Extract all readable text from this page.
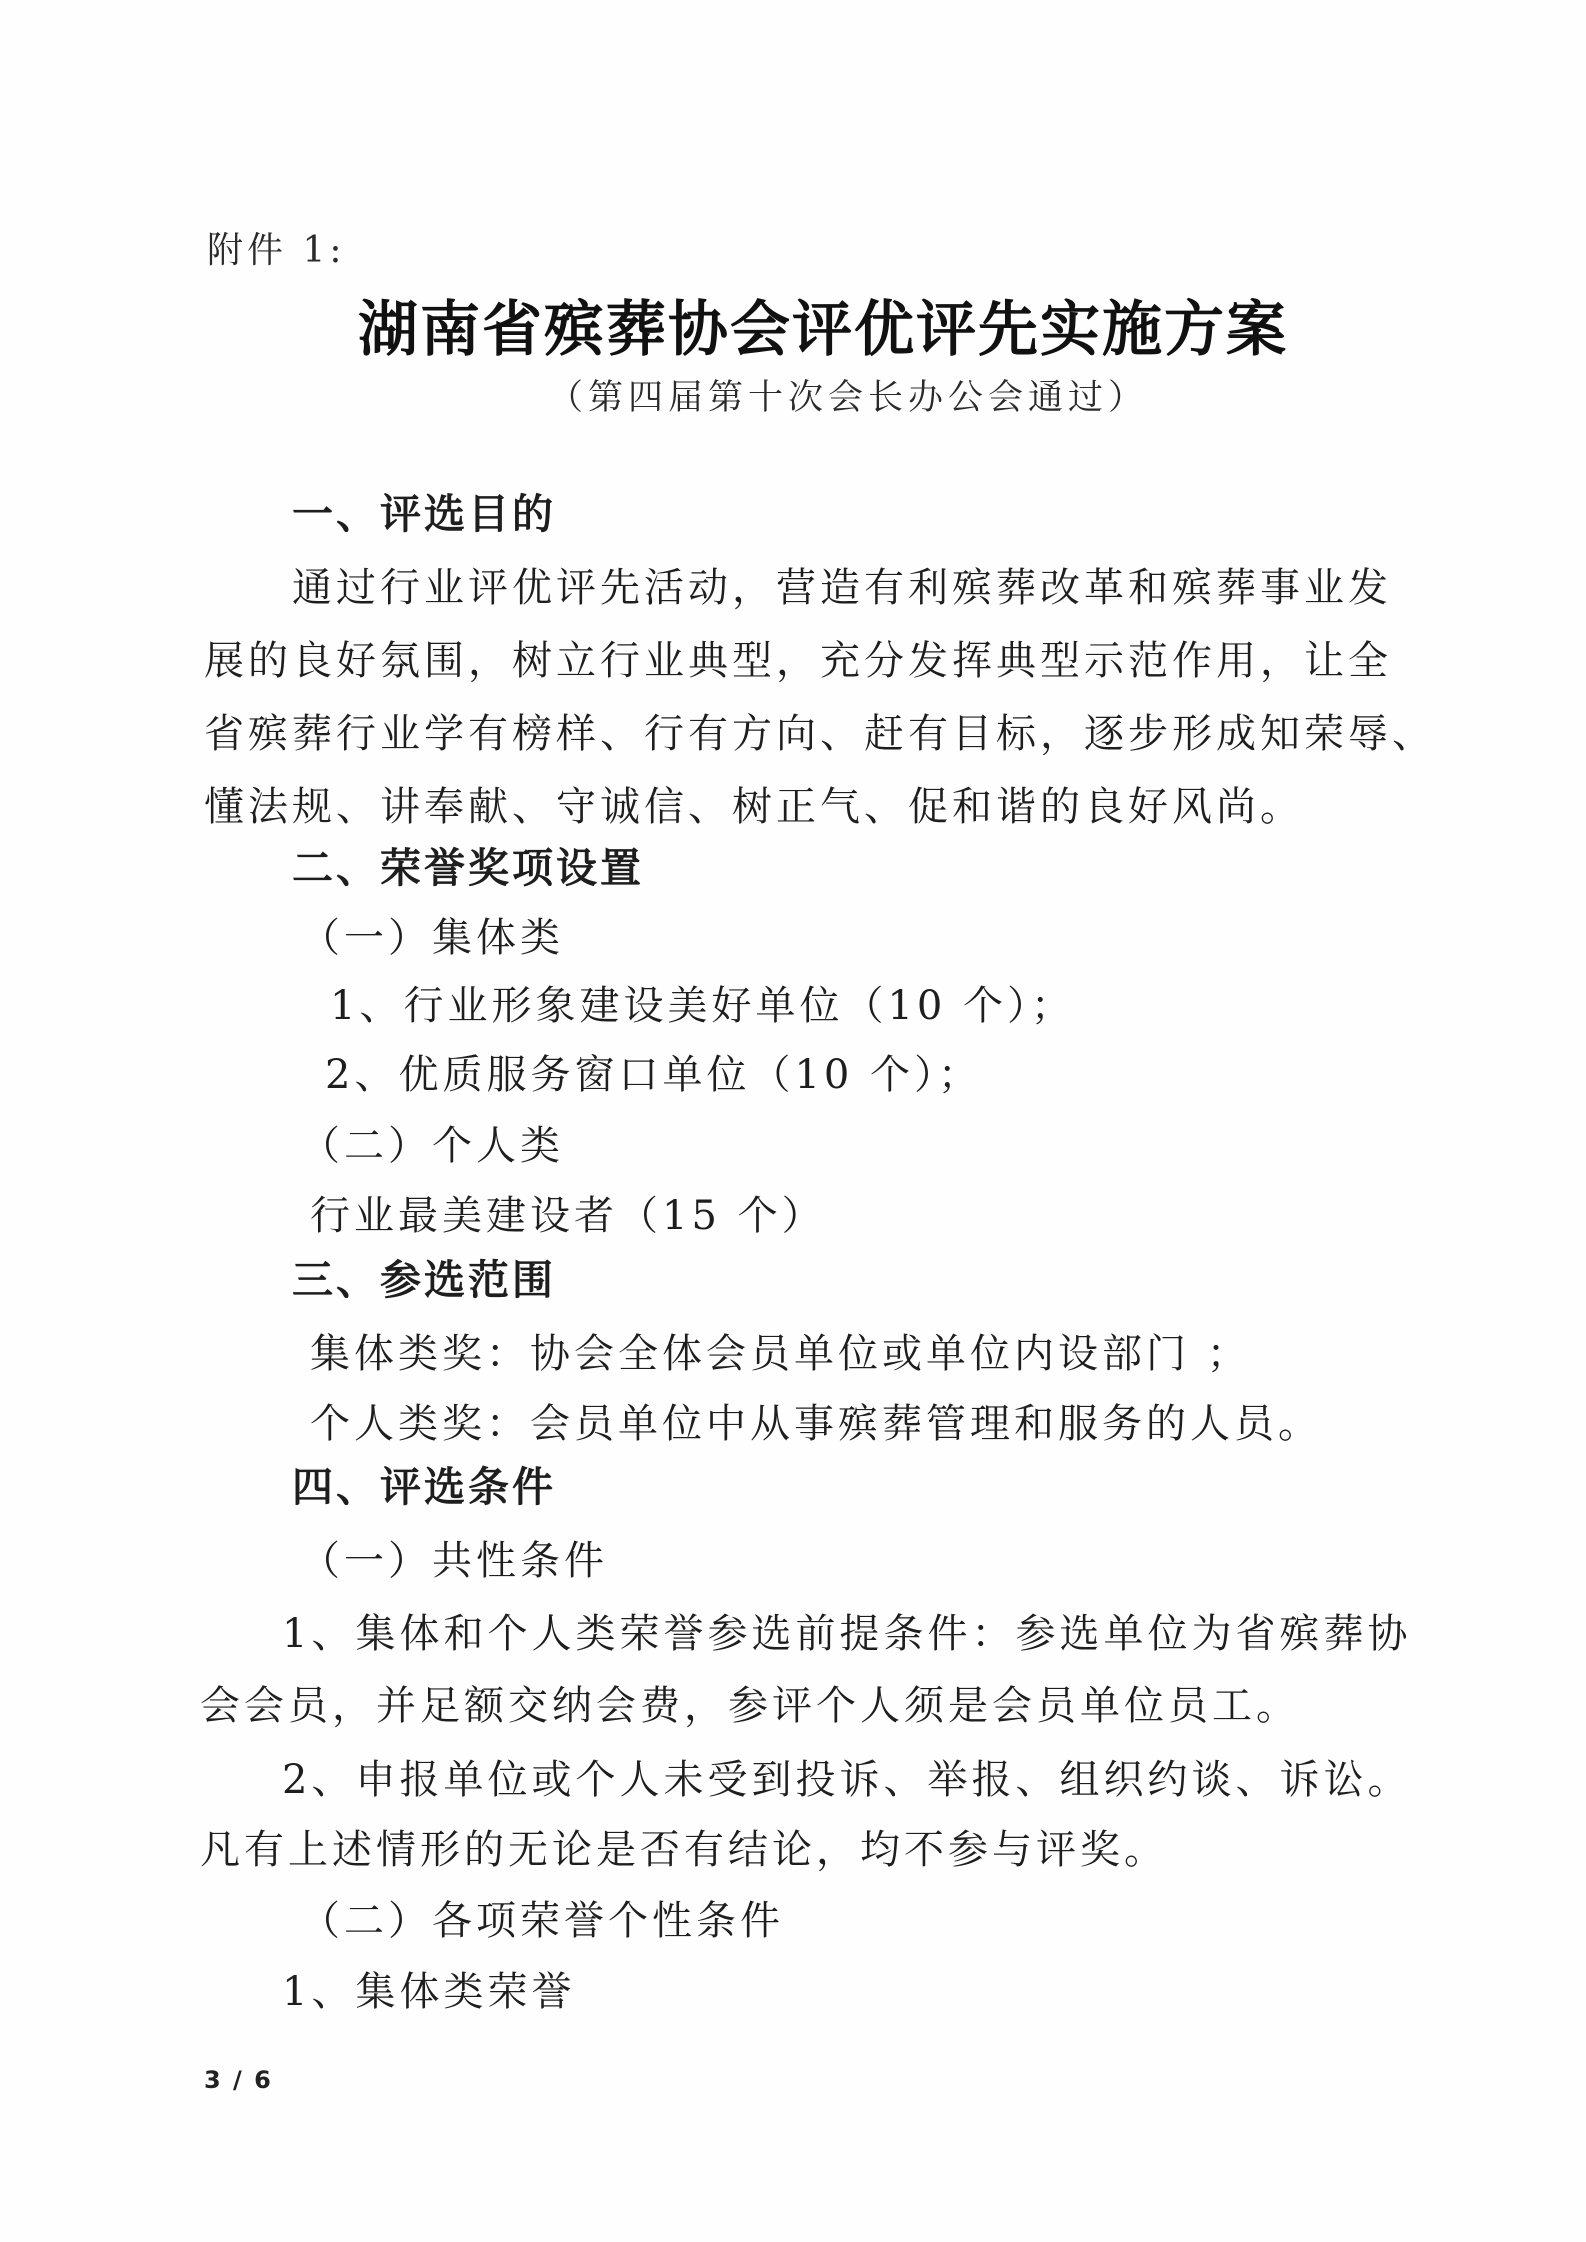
附件 1:
湖南省殡葬协会评优评先实施方案
（第四届第十次会长办公会通过）
一、评选目的
通过行业评优评先活动，营造有利殡葬改革和殡葬事业发
展的良好氛围，树立行业典型，充分发挥典型示范作用，让全
省殡葬行业学有榜样、行有方向、赶有目标，逐步形成知荣辱、
懂法规、讲奉献、守诚信、树正气、促和谐的良好风尚。
二、荣誉奖项设置
（一）集体类
1、行业形象建设美好单位（10 个）；
2、优质服务窗口单位（10 个）；
（二）个人类
行业最美建设者（15 个）
三、参选范围
集体类奖：协会全体会员单位或单位内设部门 ；
个人类奖：会员单位中从事殡葬管理和服务的人员。
四、评选条件
（一）共性条件
1、集体和个人类荣誉参选前提条件：参选单位为省殡葬协
会会员，并足额交纳会费，参评个人须是会员单位员工。
2、申报单位或个人未受到投诉、举报、组织约谈、诉讼。
凡有上述情形的无论是否有结论，均不参与评奖。
（二）各项荣誉个性条件
1、集体类荣誉
3 / 6
